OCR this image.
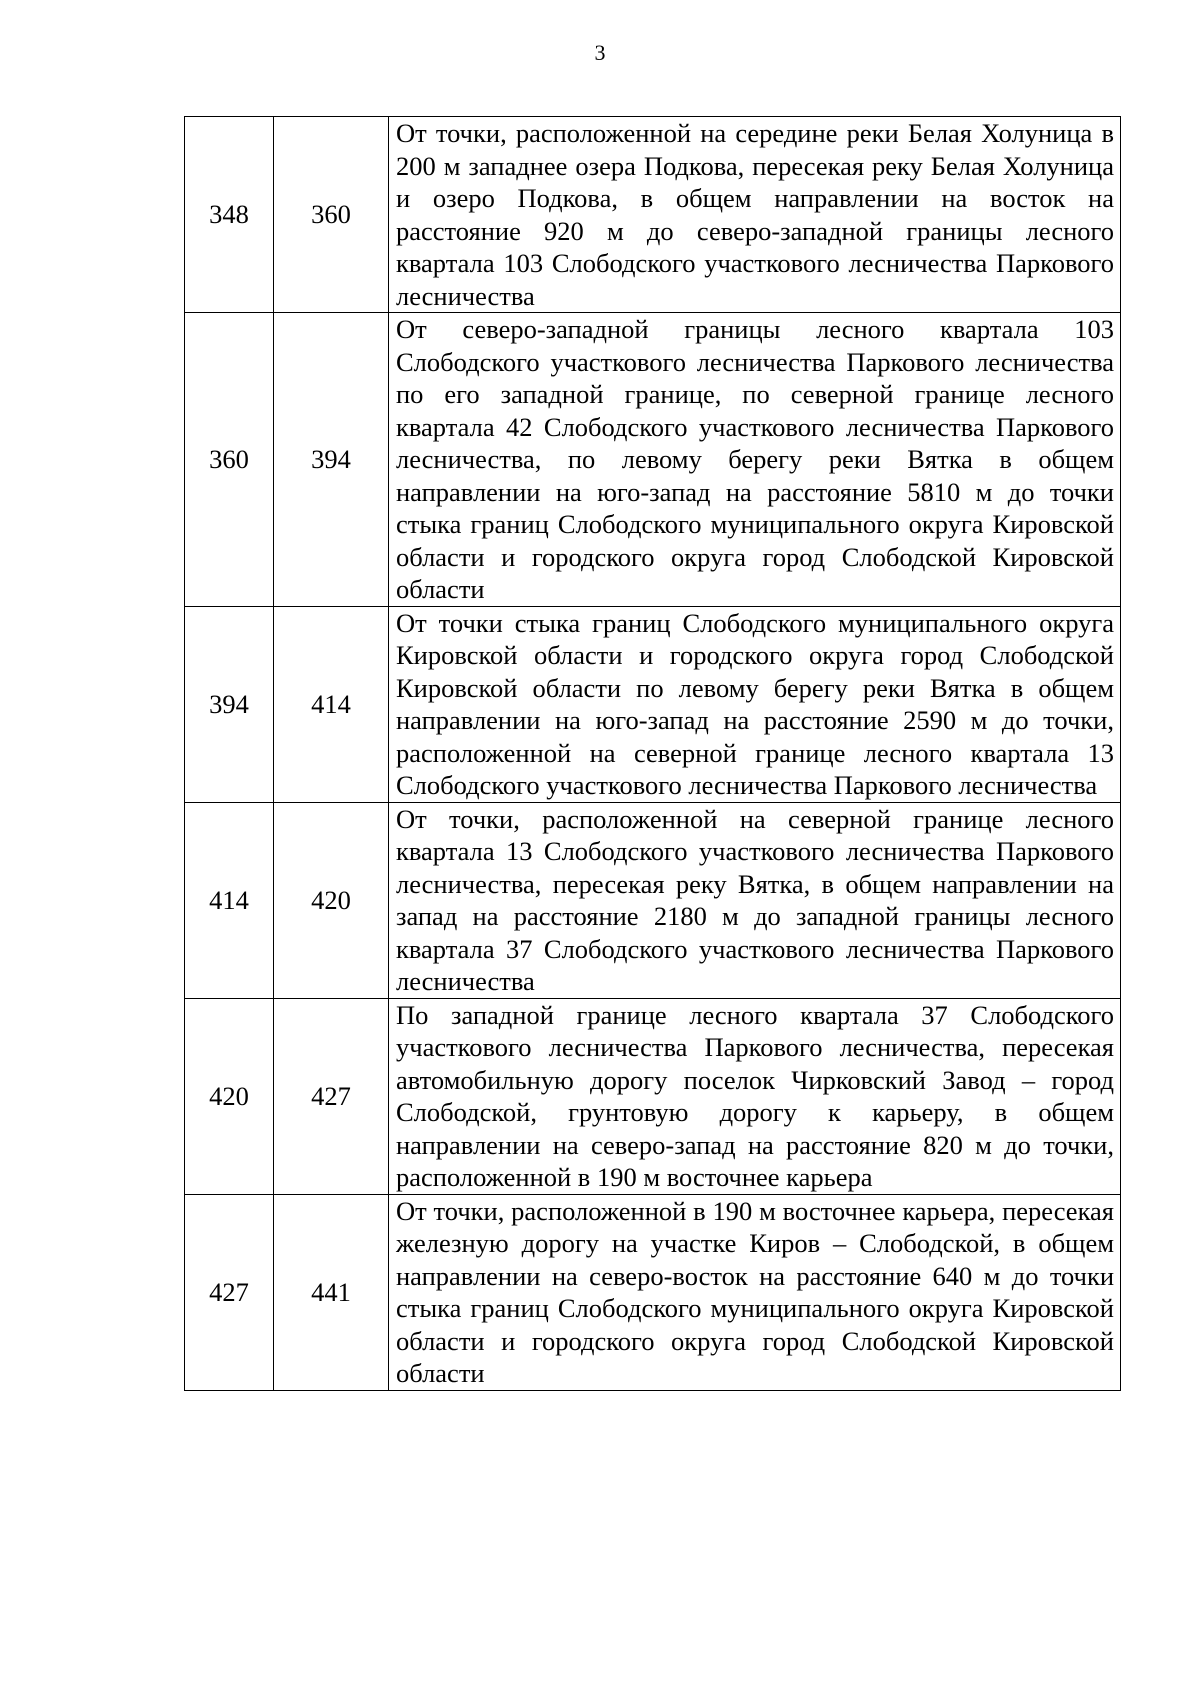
3
348	360	От точки, расположенной на середине реки Белая Холуница в 200 м западнее озера Подкова, пересекая реку Белая Холуница и озеро Подкова, в общем направлении на восток на расстояние 920 м до северо-западной границы лесного квартала 103 Слободского участкового лесничества Паркового лесничества
360	394	От северо-западной границы лесного квартала 103 Слободского участкового лесничества Паркового лесничества по его западной границе, по северной границе лесного квартала 42 Слободского участкового лесничества Паркового лесничества, по левому берегу реки Вятка в общем направлении на юго-запад на расстояние 5810 м до точки стыка границ Слободского муниципального округа Кировской области и городского округа город Слободской Кировской области
394	414	От точки стыка границ Слободского муниципального округа Кировской области и городского округа город Слободской Кировской области по левому берегу реки Вятка в общем направлении на юго-запад на расстояние 2590 м до точки, расположенной на северной границе лесного квартала 13 Слободского участкового лесничества Паркового лесничества
414	420	От точки, расположенной на северной границе лесного квартала 13 Слободского участкового лесничества Паркового лесничества, пересекая реку Вятка, в общем направлении на запад на расстояние 2180 м до западной границы лесного квартала 37 Слободского участкового лесничества Паркового лесничества
420	427	По западной границе лесного квартала 37 Слободского участкового лесничества Паркового лесничества, пересекая автомобильную дорогу поселок Чирковский Завод – город Слободской, грунтовую дорогу к карьеру, в общем направлении на северо-запад на расстояние 820 м до точки, расположенной в 190 м восточнее карьера
427	441	От точки, расположенной в 190 м восточнее карьера, пересекая железную дорогу на участке Киров – Слободской, в общем направлении на северо-восток на расстояние 640 м до точки стыка границ Слободского муниципального округа Кировской области и городского округа город Слободской Кировской области
